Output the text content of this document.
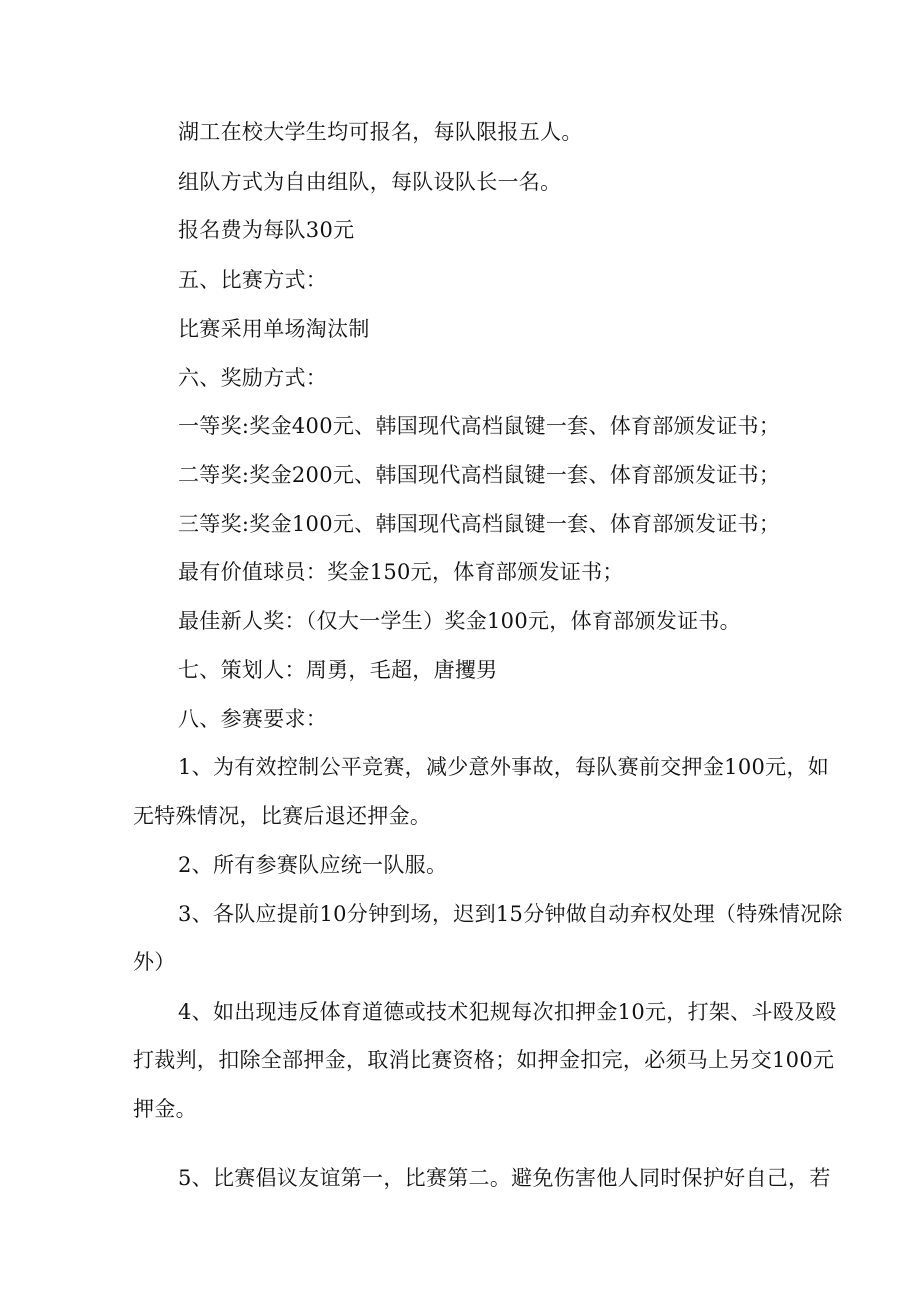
湖工在校大学生均可报名，每队限报五人。
组队方式为自由组队，每队设队长一名。
报名费为每队30元
五、比赛方式：
比赛采用单场淘汰制
六、奖励方式：
一等奖:奖金400元、韩国现代高档鼠键一套、体育部颁发证书；
二等奖:奖金200元、韩国现代高档鼠键一套、体育部颁发证书；
三等奖:奖金100元、韩国现代高档鼠键一套、体育部颁发证书；
最有价值球员：奖金150元，体育部颁发证书；
最佳新人奖：（仅大一学生）奖金100元，体育部颁发证书。
七、策划人：周勇，毛超，唐攫男
八、参赛要求：
1、为有效控制公平竞赛，减少意外事故，每队赛前交押金100元，如
无特殊情况，比赛后退还押金。
2、所有参赛队应统一队服。
3、各队应提前10分钟到场，迟到15分钟做自动弃权处理（特殊情况除
外）
4、如出现违反体育道德或技术犯规每次扣押金10元，打架、斗殴及殴
打裁判，扣除全部押金，取消比赛资格；如押金扣完，必须马上另交100元
押金。
5、比赛倡议友谊第一，比赛第二。避免伤害他人同时保护好自己，若
